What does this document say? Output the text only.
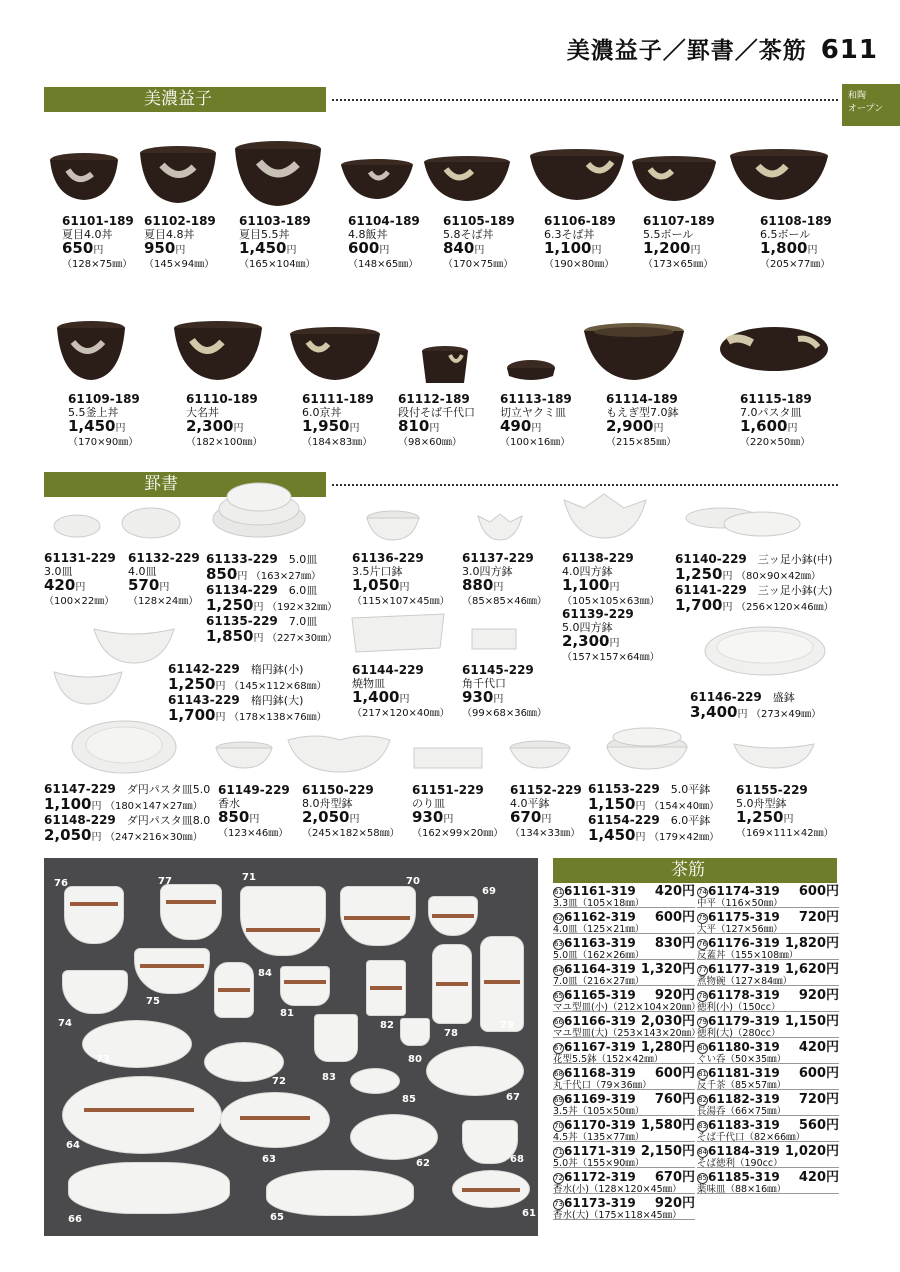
美濃益子／罫書／茶筋 611
和陶
オープン
美濃益子
61101-189
夏目4.0丼
650円
（128×75㎜）
61102-189
夏目4.8丼
950円
（145×94㎜）
61103-189
夏目5.5丼
1,450円
（165×104㎜）
61104-189
4.8飯丼
600円
（148×65㎜）
61105-189
5.8そば丼
840円
（170×75㎜）
61106-189
6.3そば丼
1,100円
（190×80㎜）
61107-189
5.5ボール
1,200円
（173×65㎜）
61108-189
6.5ボール
1,800円
（205×77㎜）
61109-189
5.5釜上丼
1,450円
（170×90㎜）
61110-189
大名丼
2,300円
（182×100㎜）
61111-189
6.0京丼
1,950円
（184×83㎜）
61112-189
段付そば千代口
810円
（98×60㎜）
61113-189
切立ヤクミ皿
490円
（100×16㎜）
61114-189
もえぎ型7.0鉢
2,900円
（215×85㎜）
61115-189
7.0パスタ皿
1,600円
（220×50㎜）
罫書
61131-229
3.0皿
420円
（100×22㎜）
61132-229
4.0皿
570円
（128×24㎜）
61133-229　 5.0皿
850円 （163×27㎜）
61134-229　 6.0皿
1,250円 （192×32㎜）
61135-229　 7.0皿
1,850円 （227×30㎜）
61136-229
3.5片口鉢
1,050円
（115×107×45㎜）
61137-229
3.0四方鉢
880円
（85×85×46㎜）
61138-229
4.0四方鉢
1,100円
（105×105×63㎜）
61139-229
5.0四方鉢
2,300円
（157×157×64㎜）
61140-229　 三ッ足小鉢(中)
1,250円 （80×90×42㎜）
61141-229　 三ッ足小鉢(大)
1,700円 （256×120×46㎜）
61142-229　 楕円鉢(小)
1,250円 （145×112×68㎜）
61143-229　 楕円鉢(大)
1,700円 （178×138×76㎜）
61144-229
焼物皿
1,400円
（217×120×40㎜）
61145-229
角千代口
930円
（99×68×36㎜）
61146-229　 盛鉢
3,400円 （273×49㎜）
61147-229　 ダ円パスタ皿5.0
1,100円 （180×147×27㎜）
61148-229　 ダ円パスタ皿8.0
2,050円 （247×216×30㎜）
61149-229
香水
850円
（123×46㎜）
61150-229
8.0舟型鉢
2,050円
（245×182×58㎜）
61151-229
のり皿
930円
（162×99×20㎜）
61152-229
4.0平鉢
670円
（134×33㎜）
61153-229　 5.0平鉢
1,150円 （154×40㎜）
61154-229　 6.0平鉢
1,450円 （179×42㎜）
61155-229
5.0舟型鉢
1,250円
（169×111×42㎜）
76	77	71	70
69
84
75
74
81
82
78
79
80
73
72	83
85	67
64
63	62	68
66	65	61
茶筋
6161161-319 420円
3.3皿（105×18㎜）
6261162-319 600円
4.0皿（125×21㎜）
6361163-319 830円
5.0皿（162×26㎜）
6461164-319 1,320円
7.0皿（216×27㎜）
6561165-319 920円
マユ型皿(小)（212×104×20㎜）
6661166-319 2,030円
マユ型皿(大)（253×143×20㎜）
6761167-319 1,280円
花型5.5鉢（152×42㎜）
6861168-319 600円
丸千代口（79×36㎜）
6961169-319 760円
3.5丼（105×50㎜）
7061170-319 1,580円
4.5丼（135×77㎜）
7161171-319 2,150円
5.0丼（155×90㎜）
7261172-319 670円
香水(小)（128×120×45㎜）
7361173-319 920円
香水(大)（175×118×45㎜）
7461174-319 600円
中平（116×50㎜）
7561175-319 720円
大平（127×56㎜）
7661176-319 1,820円
反蓋丼（155×108㎜）
7761177-319 1,620円
煮物碗（127×84㎜）
7861178-319 920円
徳利(小)（150cc）
7961179-319 1,150円
徳利(大)（280cc）
8061180-319 420円
ぐい呑（50×35㎜）
8161181-319 600円
反千茶（85×57㎜）
8261182-319 720円
長湯呑（66×75㎜）
8361183-319 560円
そば千代口（82×66㎜）
8461184-319 1,020円
そば徳利（190cc）
8561185-319 420円
薬味皿（88×16㎜）
